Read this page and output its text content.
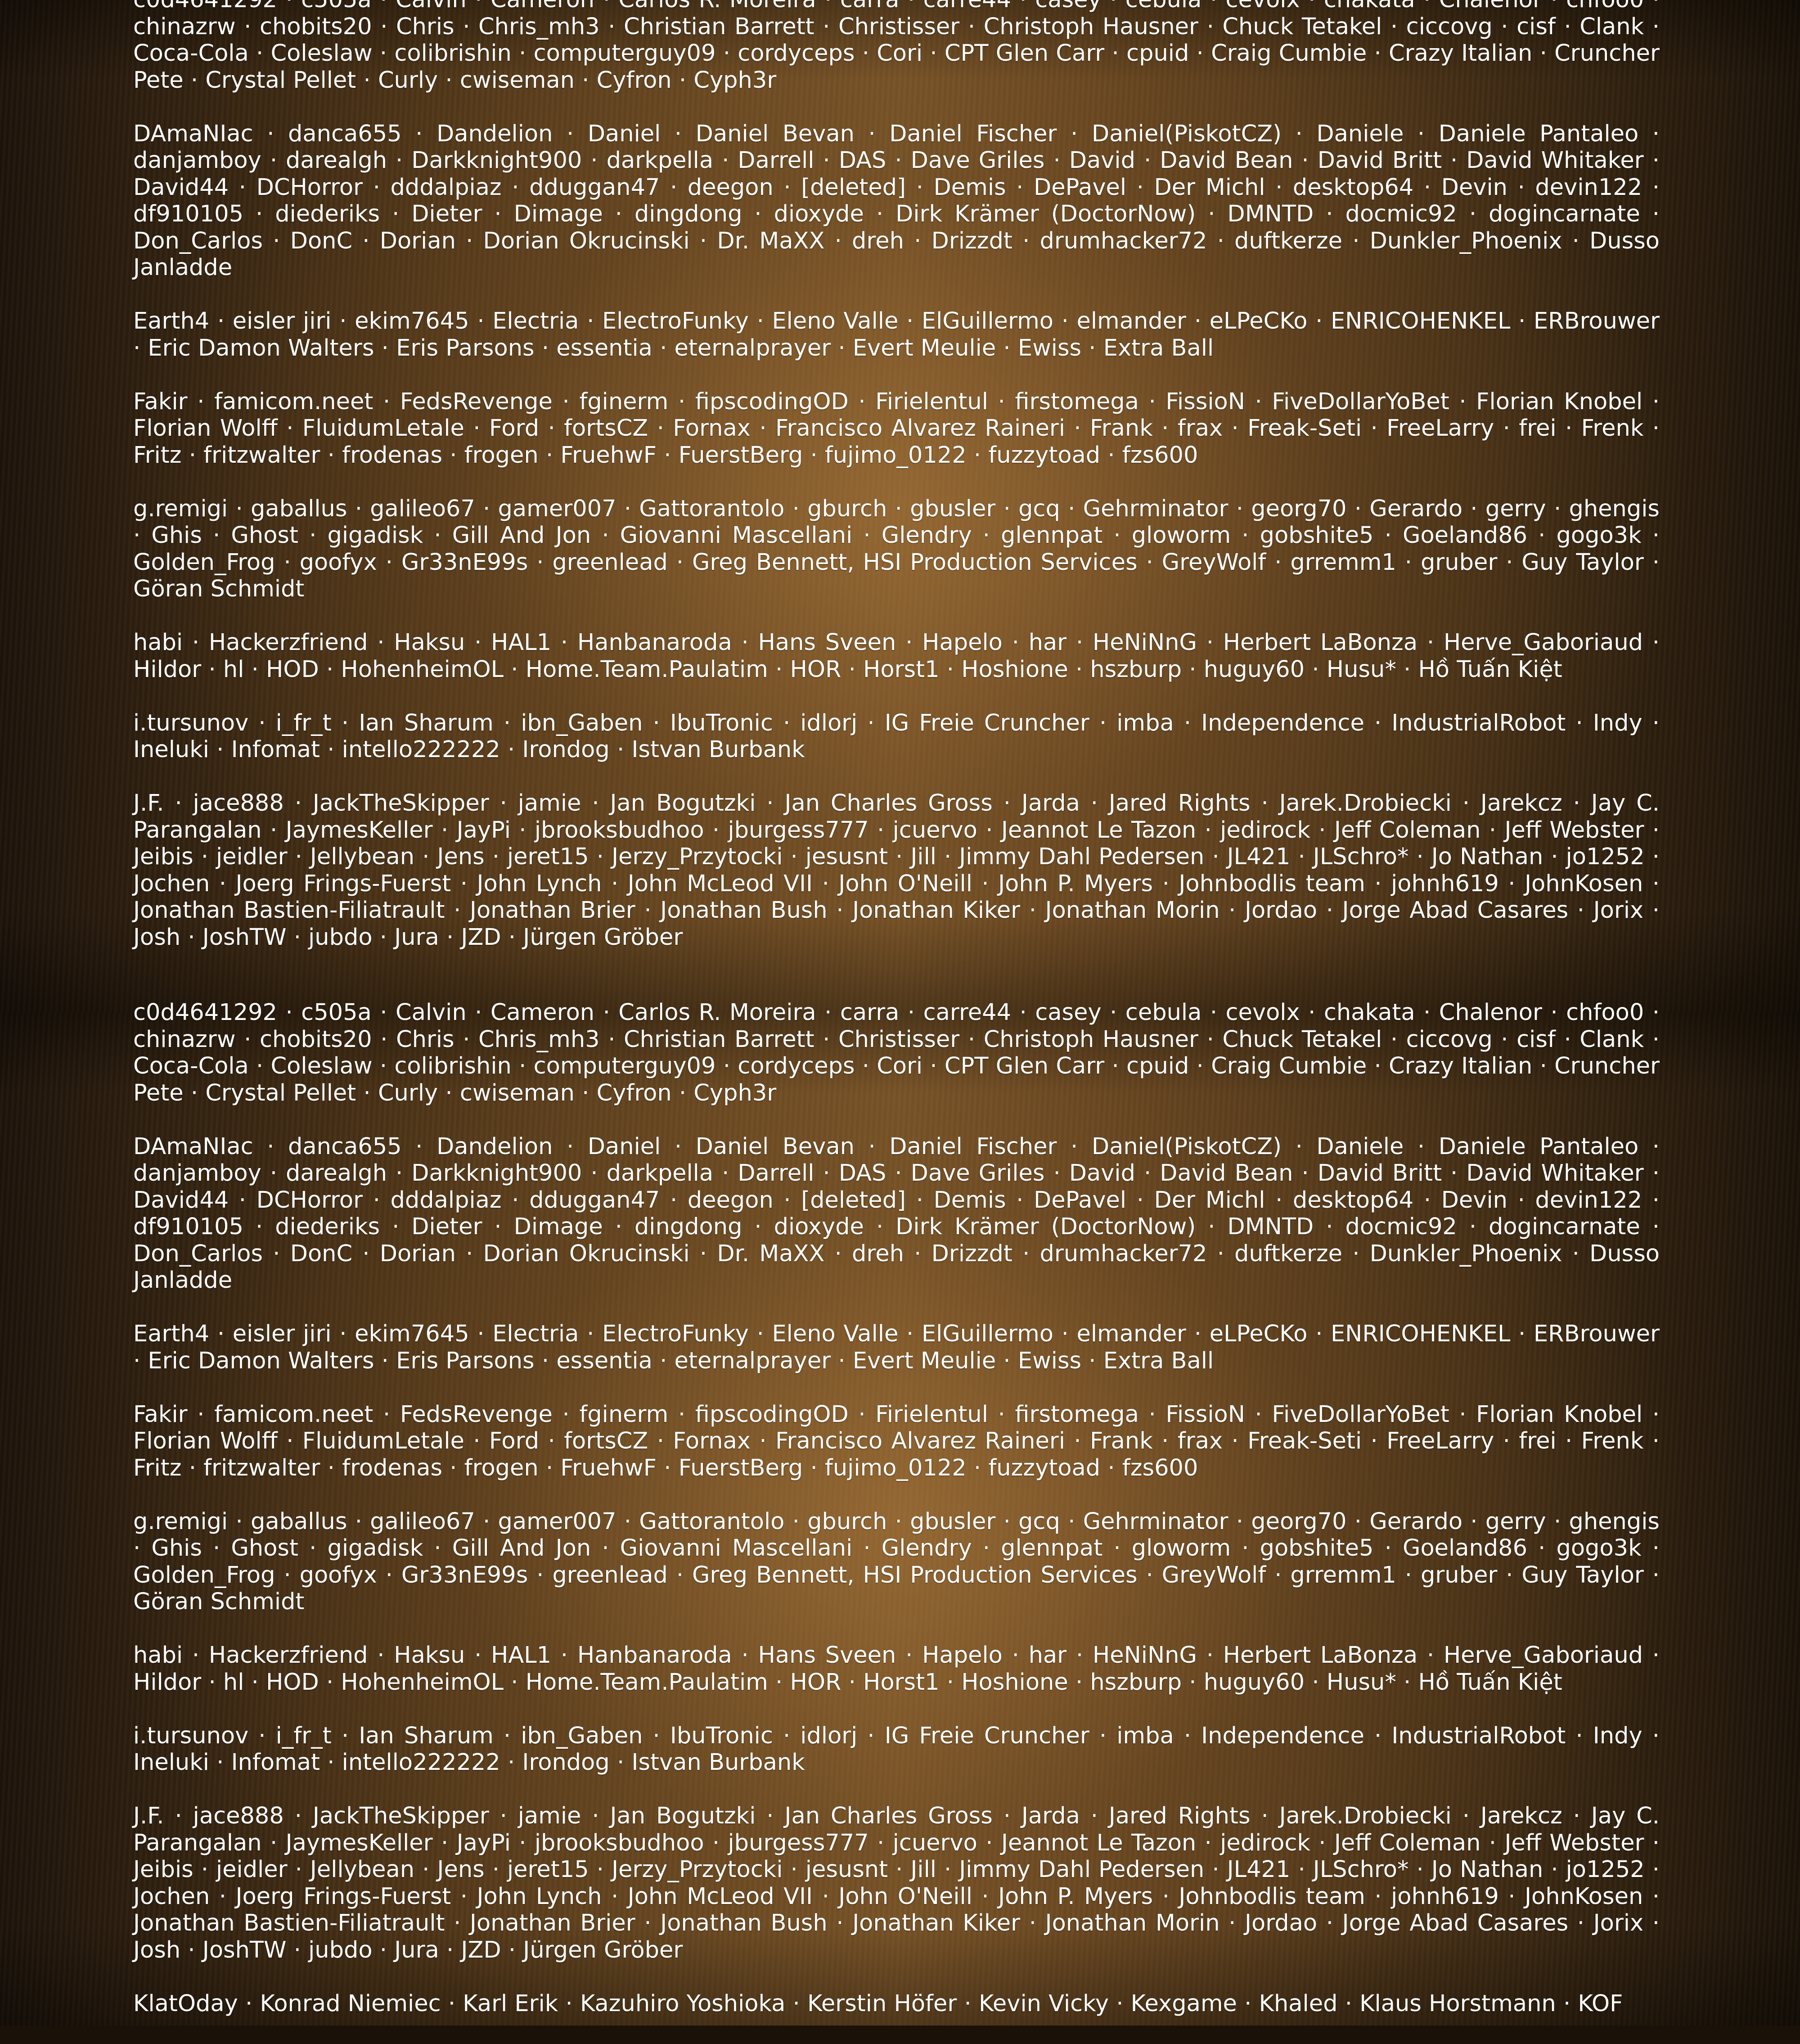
chinazrw · chobits20 · Chris · Chris_mh3 · Christian Barrett · Christisser · Christoph Hausner · Chuck Tetakel · ciccovg · cisf · Clank · Coca-Cola · Coleslaw · colibrishin · computerguy09 · cordyceps · Cori · CPT Glen Carr · cpuid · Craig Cumbie · Crazy Italian · Cruncher Pete · Crystal Pellet · Curly · cwiseman · Cyfron · Cyph3r

DAmaNIac · danca655 · Dandelion · Daniel · Daniel Bevan · Daniel Fischer · Daniel(PiskotCZ) · Daniele · Daniele Pantaleo · danjamboy · darealgh · Darkknight900 · darkpella · Darrell · DAS · Dave Griles · David · David Bean · David Britt · David Whitaker · David44 · DCHorror · dddalpiaz · dduggan47 · deegon · [deleted] · Demis · DePavel · Der Michl · desktop64 · Devin · devin122 · df910105 · diederiks · Dieter · Dimage · dingdong · dioxyde · Dirk Krämer (DoctorNow) · DMNTD · docmic92 · dogincarnate · Don_Carlos · DonC · Dorian · Dorian Okrucinski · Dr. MaXX · dreh · Drizzdt · drumhacker72 · duftkerze · Dunkler_Phoenix · Dusso Janladde

Earth4 · eisler jiri · ekim7645 · Electria · ElectroFunky · Eleno Valle · ElGuillermo · elmander · eLPeCKo · ENRICOHENKEL · ERBrouwer · Eric Damon Walters · Eris Parsons · essentia · eternalprayer · Evert Meulie · Ewiss · Extra Ball

Fakir · famicom.neet · FedsRevenge · fginerm · fipscodingOD · Firielentul · firstomega · FissioN · FiveDollarYoBet · Florian Knobel · Florian Wolff · FluidumLetale · Ford · fortsCZ · Fornax · Francisco Alvarez Raineri · Frank · frax · Freak-Seti · FreeLarry · frei · Frenk · Fritz · fritzwalter · frodenas · frogen · FruehwF · FuerstBerg · fujimo_0122 · fuzzytoad · fzs600

g.remigi · gaballus · galileo67 · gamer007 · Gattorantolo · gburch · gbusler · gcq · Gehrminator · georg70 · Gerardo · gerry · ghengis · Ghis · Ghost · gigadisk · Gill And Jon · Giovanni Mascellani · Glendry · glennpat · gloworm · gobshite5 · Goeland86 · gogo3k · Golden_Frog · goofyx · Gr33nE99s · greenlead · Greg Bennett, HSI Production Services · GreyWolf · grremm1 · gruber · Guy Taylor · Göran Schmidt

habi · Hackerzfriend · Haksu · HAL1 · Hanbanaroda · Hans Sveen · Hapelo · har · HeNiNnG · Herbert LaBonza · Herve_Gaboriaud · Hildor · hl · HOD · HohenheimOL · Home.Team.Paulatim · HOR · Horst1 · Hoshione · hszburp · huguy60 · Husu* · Hồ Tuấn Kiệt

i.tursunov · i_fr_t · Ian Sharum · ibn_Gaben · IbuTronic · idlorj · IG Freie Cruncher · imba · Independence · IndustrialRobot · Indy · Ineluki · Infomat · intello222222 · Irondog · Istvan Burbank

J.F. · jace888 · JackTheSkipper · jamie · Jan Bogutzki · Jan Charles Gross · Jarda · Jared Rights · Jarek.Drobiecki · Jarekcz · Jay C. Parangalan · JaymesKeller · JayPi · jbrooksbudhoo · jburgess777 · jcuervo · Jeannot Le Tazon · jedirock · Jeff Coleman · Jeff Webster · Jeibis · jeidler · Jellybean · Jens · jeret15 · Jerzy_Przytocki · jesusnt · Jill · Jimmy Dahl Pedersen · JL421 · JLSchro* · Jo Nathan · jo1252 · Jochen · Joerg Frings-Fuerst · John Lynch · John McLeod VII · John O'Neill · John P. Myers · Johnbodlis team · johnh619 · JohnKosen · Jonathan Bastien-Filiatrault · Jonathan Brier · Jonathan Bush · Jonathan Kiker · Jonathan Morin · Jordao · Jorge Abad Casares · Jorix · Josh · JoshTW · jubdo · Jura · JZD · Jürgen Gröber

c0d4641292 · c505a · Calvin · Cameron · Carlos R. Moreira · carra · carre44 · casey · cebula · cevolx · chakata · Chalenor · chfoo0 · chinazrw · chobits20 · Chris · Chris_mh3 · Christian Barrett · Christisser · Christoph Hausner · Chuck Tetakel · ciccovg · cisf · Clank · Coca-Cola · Coleslaw · colibrishin · computerguy09 · cordyceps · Cori · CPT Glen Carr · cpuid · Craig Cumbie · Crazy Italian · Cruncher Pete · Crystal Pellet · Curly · cwiseman · Cyfron · Cyph3r

DAmaNIac · danca655 · Dandelion · Daniel · Daniel Bevan · Daniel Fischer · Daniel(PiskotCZ) · Daniele · Daniele Pantaleo · danjamboy · darealgh · Darkknight900 · darkpella · Darrell · DAS · Dave Griles · David · David Bean · David Britt · David Whitaker · David44 · DCHorror · dddalpiaz · dduggan47 · deegon · [deleted] · Demis · DePavel · Der Michl · desktop64 · Devin · devin122 · df910105 · diederiks · Dieter · Dimage · dingdong · dioxyde · Dirk Krämer (DoctorNow) · DMNTD · docmic92 · dogincarnate · Don_Carlos · DonC · Dorian · Dorian Okrucinski · Dr. MaXX · dreh · Drizzdt · drumhacker72 · duftkerze · Dunkler_Phoenix · Dusso Janladde

Earth4 · eisler jiri · ekim7645 · Electria · ElectroFunky · Eleno Valle · ElGuillermo · elmander · eLPeCKo · ENRICOHENKEL · ERBrouwer · Eric Damon Walters · Eris Parsons · essentia · eternalprayer · Evert Meulie · Ewiss · Extra Ball

Fakir · famicom.neet · FedsRevenge · fginerm · fipscodingOD · Firielentul · firstomega · FissioN · FiveDollarYoBet · Florian Knobel · Florian Wolff · FluidumLetale · Ford · fortsCZ · Fornax · Francisco Alvarez Raineri · Frank · frax · Freak-Seti · FreeLarry · frei · Frenk · Fritz · fritzwalter · frodenas · frogen · FruehwF · FuerstBerg · fujimo_0122 · fuzzytoad · fzs600

g.remigi · gaballus · galileo67 · gamer007 · Gattorantolo · gburch · gbusler · gcq · Gehrminator · georg70 · Gerardo · gerry · ghengis · Ghis · Ghost · gigadisk · Gill And Jon · Giovanni Mascellani · Glendry · glennpat · gloworm · gobshite5 · Goeland86 · gogo3k · Golden_Frog · goofyx · Gr33nE99s · greenlead · Greg Bennett, HSI Production Services · GreyWolf · grremm1 · gruber · Guy Taylor · Göran Schmidt

habi · Hackerzfriend · Haksu · HAL1 · Hanbanaroda · Hans Sveen · Hapelo · har · HeNiNnG · Herbert LaBonza · Herve_Gaboriaud · Hildor · hl · HOD · HohenheimOL · Home.Team.Paulatim · HOR · Horst1 · Hoshione · hszburp · huguy60 · Husu* · Hồ Tuấn Kiệt

i.tursunov · i_fr_t · Ian Sharum · ibn_Gaben · IbuTronic · idlorj · IG Freie Cruncher · imba · Independence · IndustrialRobot · Indy · Ineluki · Infomat · intello222222 · Irondog · Istvan Burbank

J.F. · jace888 · JackTheSkipper · jamie · Jan Bogutzki · Jan Charles Gross · Jarda · Jared Rights · Jarek.Drobiecki · Jarekcz · Jay C. Parangalan · JaymesKeller · JayPi · jbrooksbudhoo · jburgess777 · jcuervo · Jeannot Le Tazon · jedirock · Jeff Coleman · Jeff Webster · Jeibis · jeidler · Jellybean · Jens · jeret15 · Jerzy_Przytocki · jesusnt · Jill · Jimmy Dahl Pedersen · JL421 · JLSchro* · Jo Nathan · jo1252 · Jochen · Joerg Frings-Fuerst · John Lynch · John McLeod VII · John O'Neill · John P. Myers · Johnbodlis team · johnh619 · JohnKosen · Jonathan Bastien-Filiatrault · Jonathan Brier · Jonathan Bush · Jonathan Kiker · Jonathan Morin · Jordao · Jorge Abad Casares · Jorix · Josh · JoshTW · jubdo · Jura · JZD · Jürgen Gröber

KlatOday · Konrad Niemiec · Karl Erik · Kazuhiro Yoshioka · Kerstin Höfer · Kevin Vicky · Kexgame · Khaled · Klaus Horstmann · KOF
